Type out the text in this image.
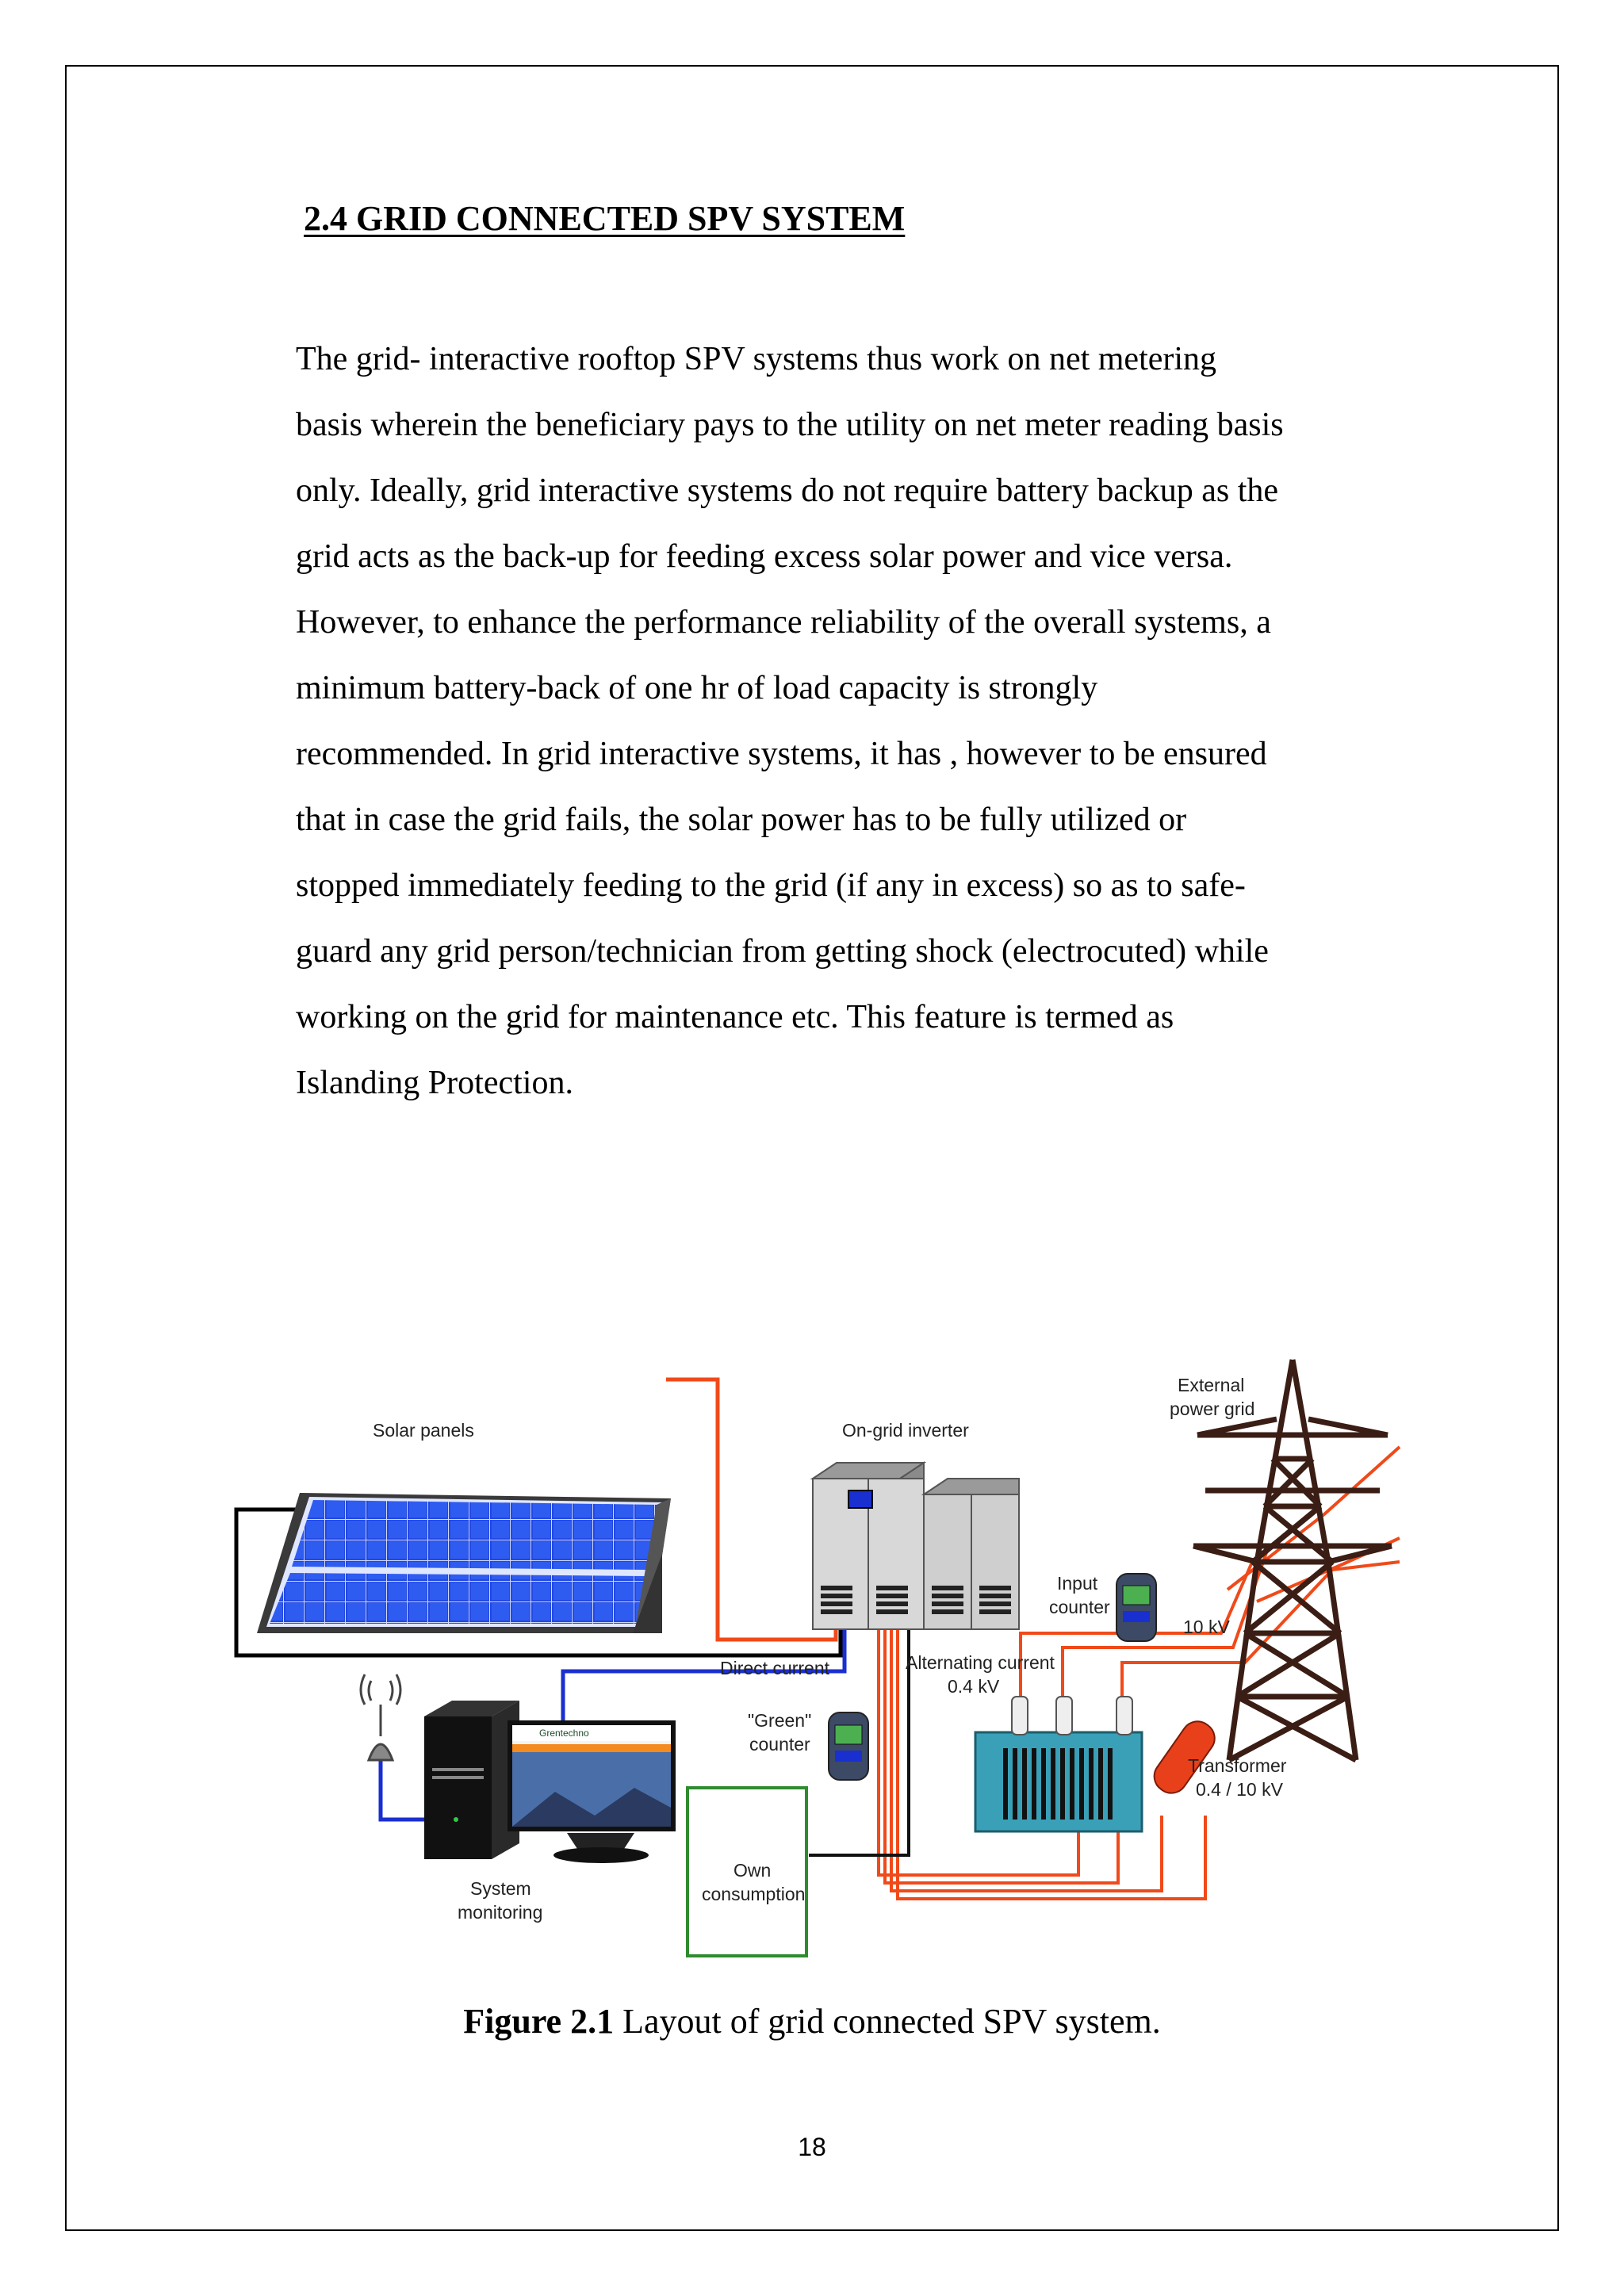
2.4 GRID CONNECTED SPV SYSTEM
The grid- interactive rooftop SPV systems thus work on net metering
basis wherein the beneficiary pays to the utility on net meter reading basis
only. Ideally, grid interactive systems do not require battery backup as the
grid acts as the back-up for feeding excess solar power and vice versa.
However, to enhance the performance reliability of the overall systems, a
minimum battery-back of one hr of load capacity is strongly
recommended. In grid interactive systems, it has , however to be ensured
that in case the grid fails, the solar power has to be fully utilized or
stopped immediately feeding to the grid (if any in excess) so as to safe-
guard any grid person/technician from getting shock (electrocuted) while
working on the grid for maintenance etc. This feature is termed as
Islanding Protection.
Solar panels	On-grid inverter
External
power grid
Input
counter
10 kV
Direct current	Alternating current
0.4 kV
"Green"
counter
Transformer
0.4 / 10 kV
Grentechno
System
monitoring
Own
consumption
Figure 2.1 Layout of grid connected SPV system.
18
